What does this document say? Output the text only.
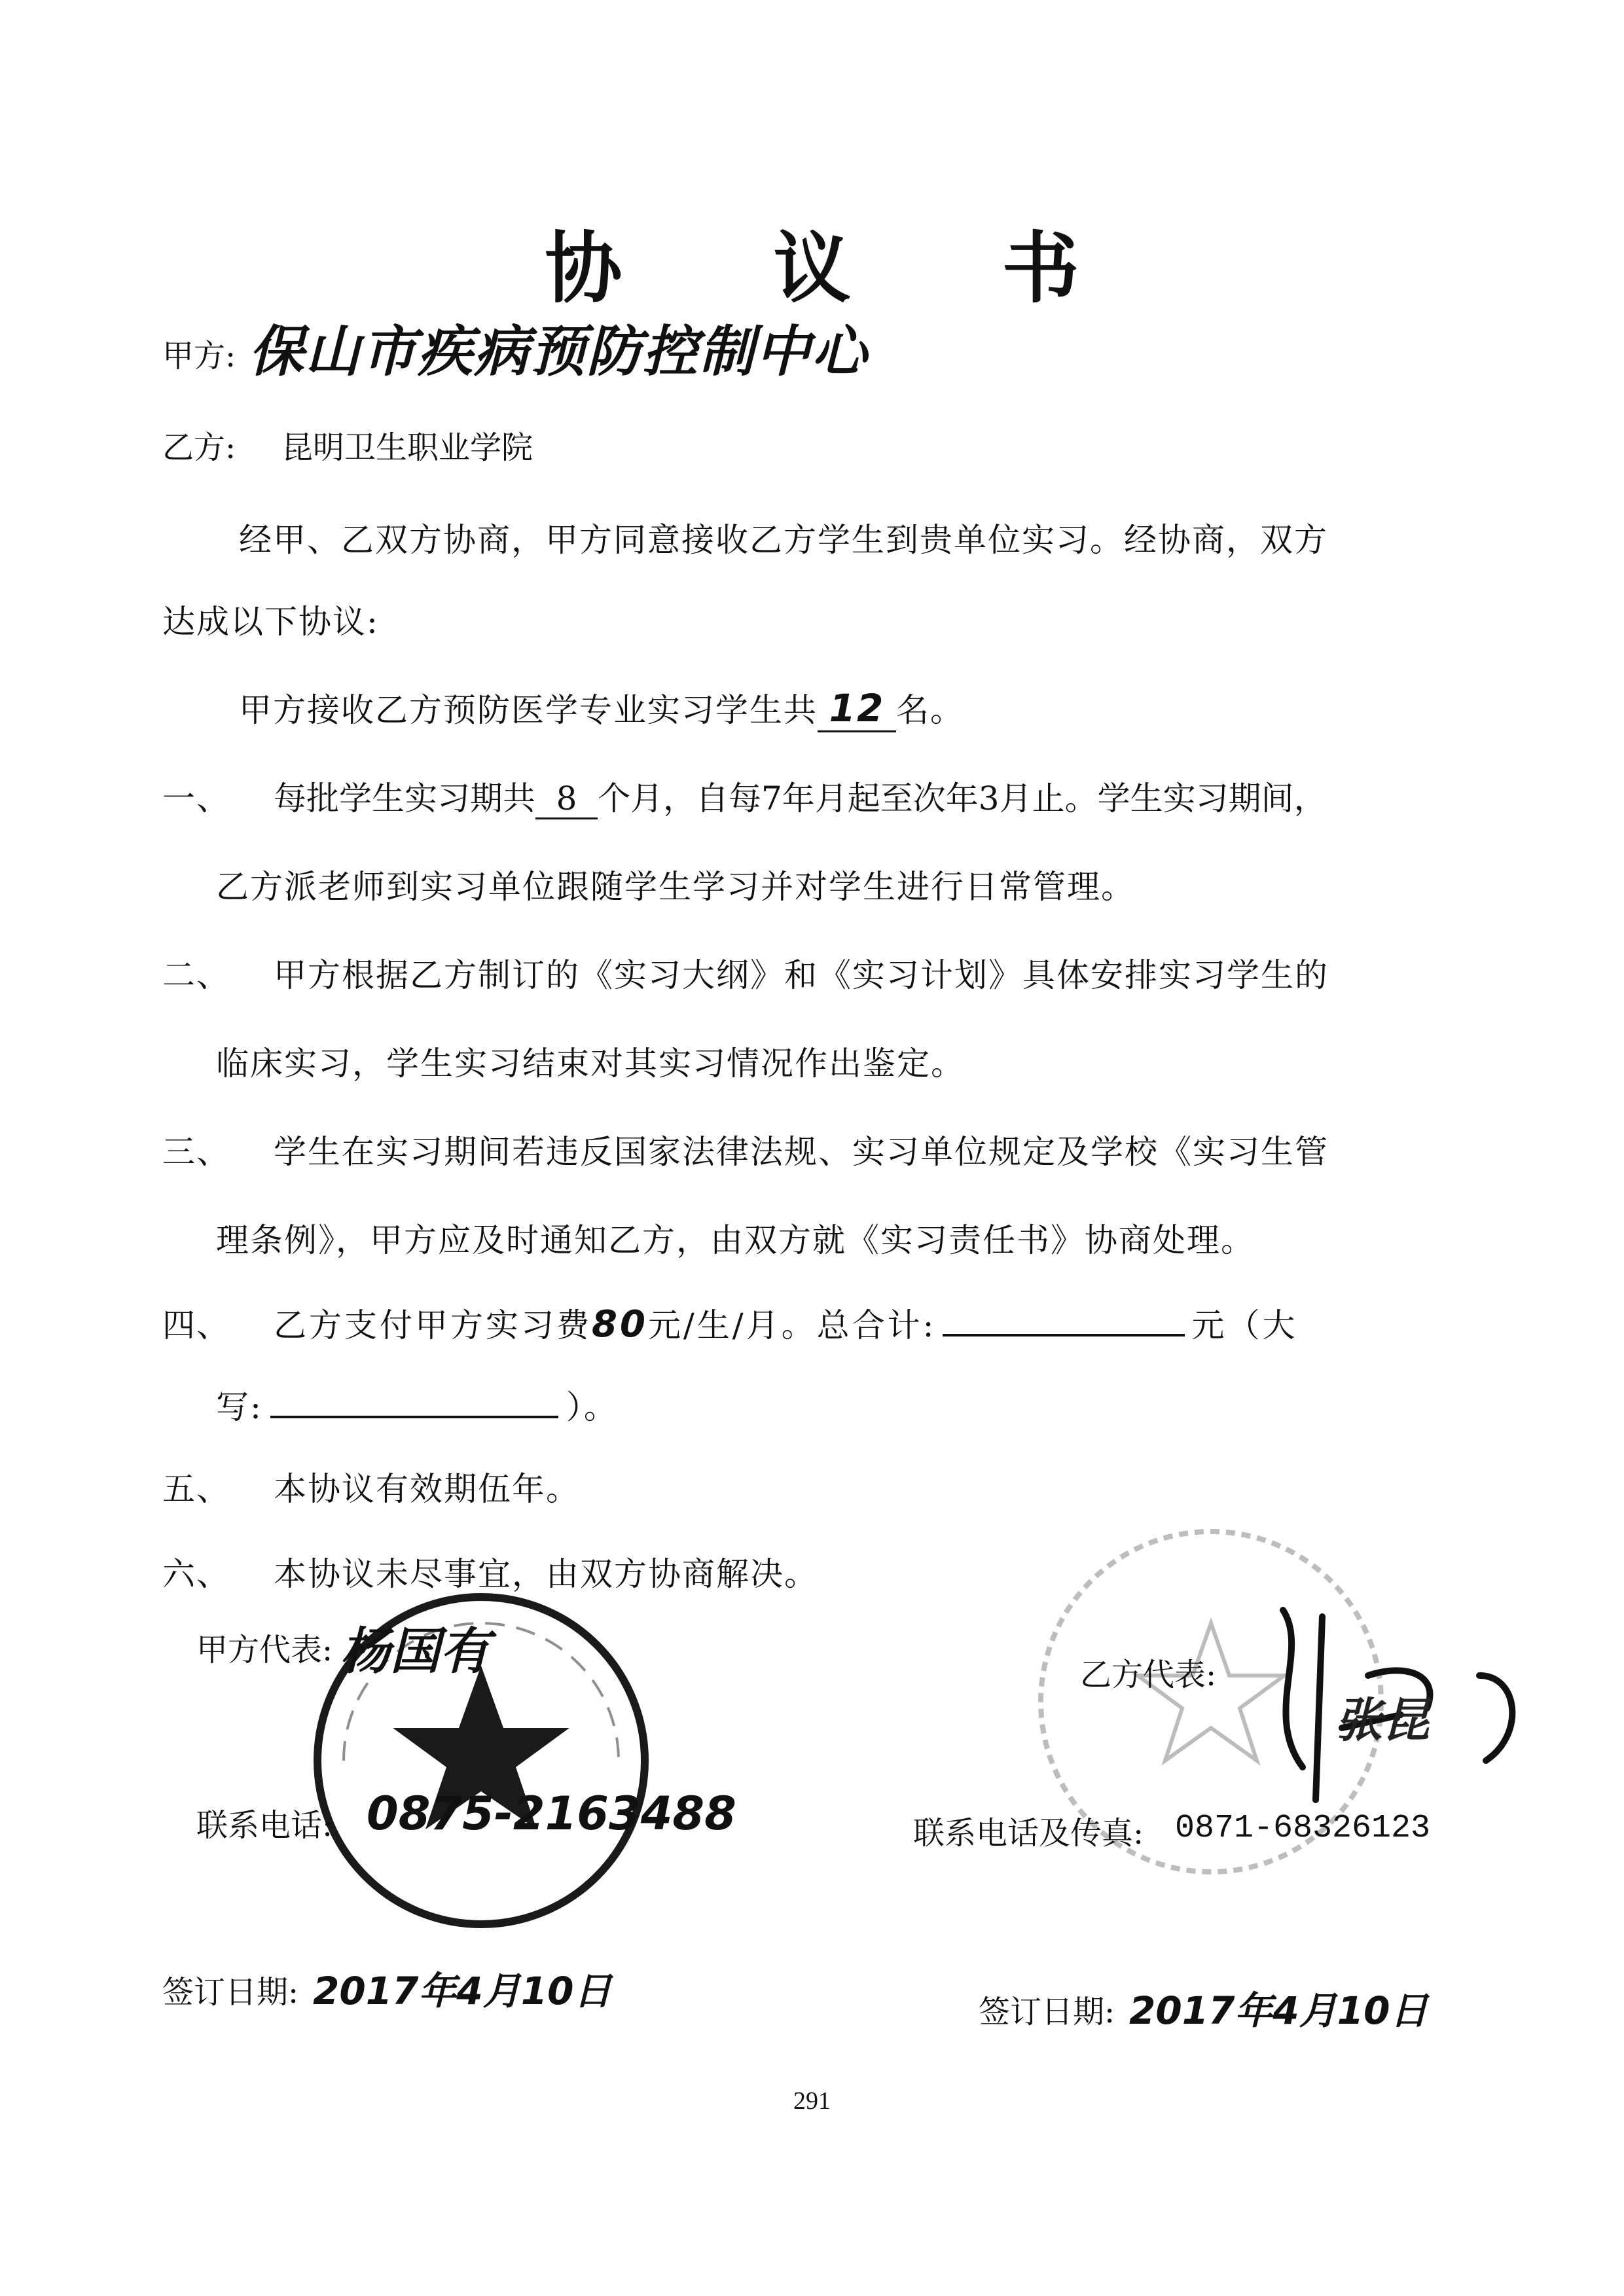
协 议 书
甲方: 保山市疾病预防控制中心
乙方: 昆明卫生职业学院
经甲、乙双方协商，甲方同意接收乙方学生到贵单位实习。经协商，双方
达成以下协议:
甲方接收乙方预防医学专业实习学生共 12 名。
一、 每批学生实习期共 8 个月，自每7年月起至次年3月止。学生实习期间，
乙方派老师到实习单位跟随学生学习并对学生进行日常管理。
二、 甲方根据乙方制订的《实习大纲》和《实习计划》具体安排实习学生的
临床实习，学生实习结束对其实习情况作出鉴定。
三、 学生在实习期间若违反国家法律法规、实习单位规定及学校《实习生管
理条例》，甲方应及时通知乙方，由双方就《实习责任书》协商处理。
四、 乙方支付甲方实习费80元/生/月。总合计:	元（大
写:	）。
五、 本协议有效期伍年。
六、 本协议未尽事宜，由双方协商解决。
甲方代表: 杨国有
联系电话: 0875-2163488
乙方代表:
张昆
联系电话及传真: 0871-68326123
签订日期: 2017年4月10日	签订日期: 2017年4月10日
291
